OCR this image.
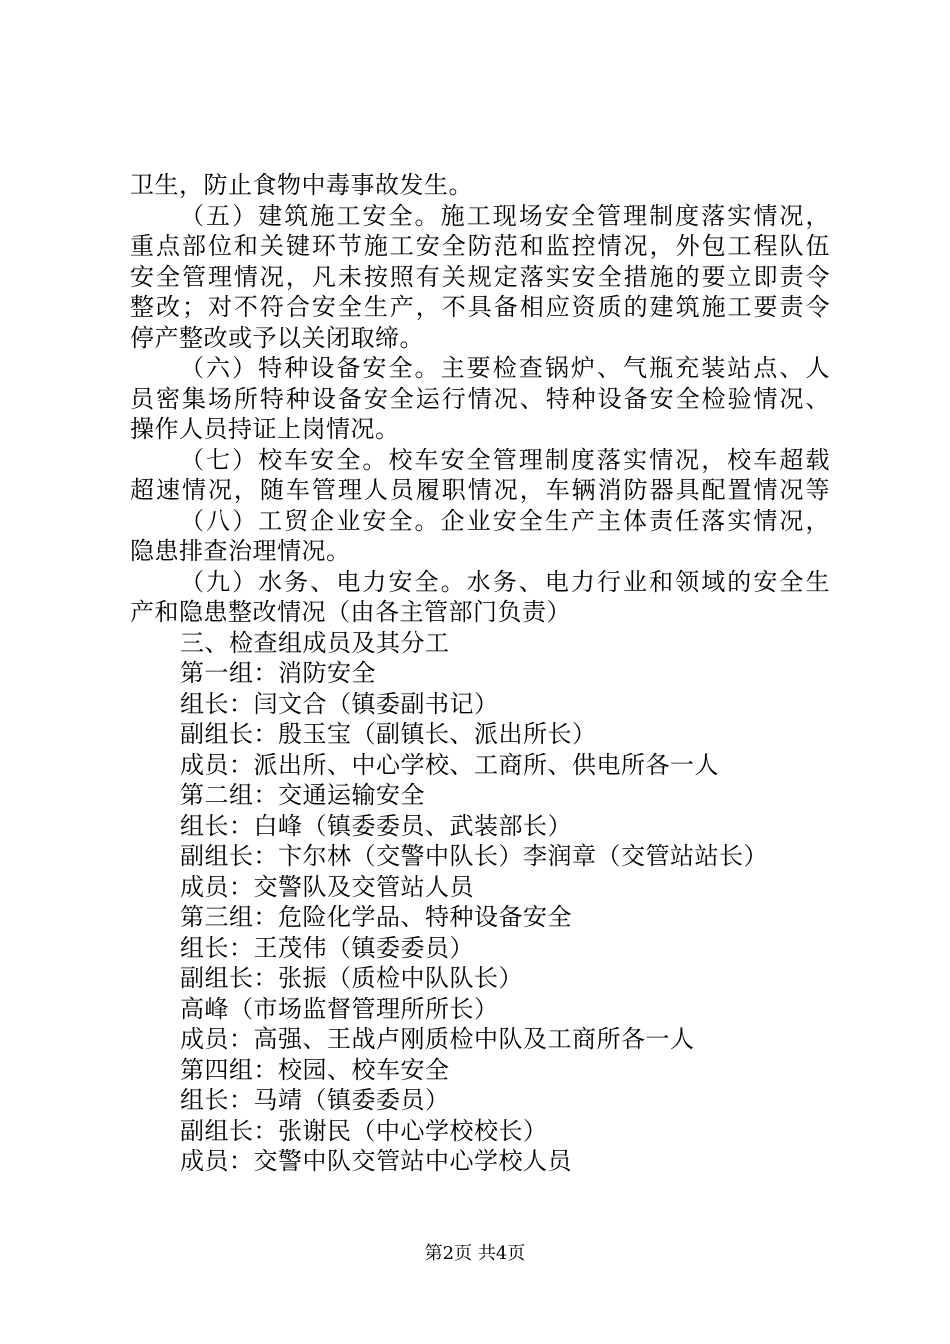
卫生，防止食物中毒事故发生。
（五）建筑施工安全。施工现场安全管理制度落实情况，
重点部位和关键环节施工安全防范和监控情况，外包工程队伍
安全管理情况，凡未按照有关规定落实安全措施的要立即责令
整改；对不符合安全生产，不具备相应资质的建筑施工要责令
停产整改或予以关闭取缔。
（六）特种设备安全。主要检查锅炉、气瓶充装站点、人
员密集场所特种设备安全运行情况、特种设备安全检验情况、
操作人员持证上岗情况。
（七）校车安全。校车安全管理制度落实情况，校车超载
超速情况，随车管理人员履职情况，车辆消防器具配置情况等
（八）工贸企业安全。企业安全生产主体责任落实情况，
隐患排查治理情况。
（九）水务、电力安全。水务、电力行业和领域的安全生
产和隐患整改情况（由各主管部门负责）
三、检查组成员及其分工
第一组：消防安全
组长：闫文合（镇委副书记）
副组长：殷玉宝（副镇长、派出所长）
成员：派出所、中心学校、工商所、供电所各一人
第二组：交通运输安全
组长：白峰（镇委委员、武装部长）
副组长：卞尔林（交警中队长）李润章（交管站站长）
成员：交警队及交管站人员
第三组：危险化学品、特种设备安全
组长：王茂伟（镇委委员）
副组长：张振（质检中队队长）
高峰（市场监督管理所所长）
成员：高强、王战卢刚质检中队及工商所各一人
第四组：校园、校车安全
组长：马靖（镇委委员）
副组长：张谢民（中心学校校长）
成员：交警中队交管站中心学校人员
第2页 共4页
